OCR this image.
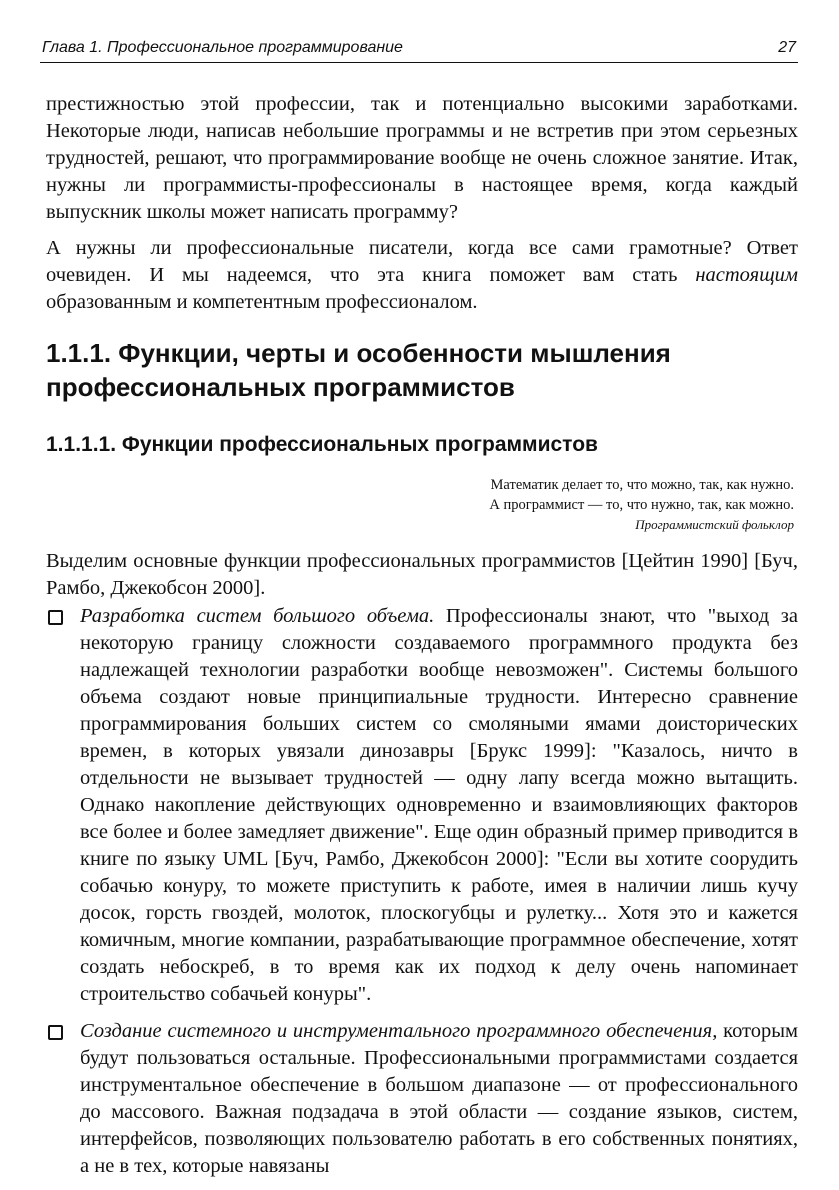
Глава 1. Профессиональное программирование	27

престижностью этой профессии, так и потенциально высокими заработками. Некоторые люди, написав небольшие программы и не встретив при этом серьезных трудностей, решают, что программирование вообще не очень сложное занятие. Итак, нужны ли программисты-профессионалы в настоящее время, когда каждый выпускник школы может написать программу?

А нужны ли профессиональные писатели, когда все сами грамотные? Ответ очевиден. И мы надеемся, что эта книга поможет вам стать настоящим образованным и компетентным профессионалом.

1.1.1. Функции, черты и особенности мышления профессиональных программистов
1.1.1.1. Функции профессиональных программистов
Математик делает то, что можно, так, как нужно.
А программист — то, что нужно, так, как можно.
Программистский фольклор

Выделим основные функции профессиональных программистов [Цейтин 1990] [Буч, Рамбо, Джекобсон 2000].

Разработка систем большого объема. Профессионалы знают, что "выход за некоторую границу сложности создаваемого программного продукта без надлежащей технологии разработки вообще невозможен". Системы большого объема создают новые принципиальные трудности. Интересно сравнение программирования больших систем со смоляными ямами доисторических времен, в которых увязали динозавры [Брукс 1999]: "Казалось, ничто в отдельности не вызывает трудностей — одну лапу всегда можно вытащить. Однако накопление действующих одновременно и взаимовлияющих факторов все более и более замедляет движение". Еще один образный пример приводится в книге по языку UML [Буч, Рамбо, Джекобсон 2000]: "Если вы хотите соорудить собачью конуру, то можете приступить к работе, имея в наличии лишь кучу досок, горсть гвоздей, молоток, плоскогубцы и рулетку... Хотя это и кажется комичным, многие компании, разрабатывающие программное обеспечение, хотят создать небоскреб, в то время как их подход к делу очень напоминает строительство собачьей конуры".
Создание системного и инструментального программного обеспечения, которым будут пользоваться остальные. Профессиональными программистами создается инструментальное обеспечение в большом диапазоне — от профессионального до массового. Важная подзадача в этой области — создание языков, систем, интерфейсов, позволяющих пользователю работать в его собственных понятиях, а не в тех, которые навязаны
